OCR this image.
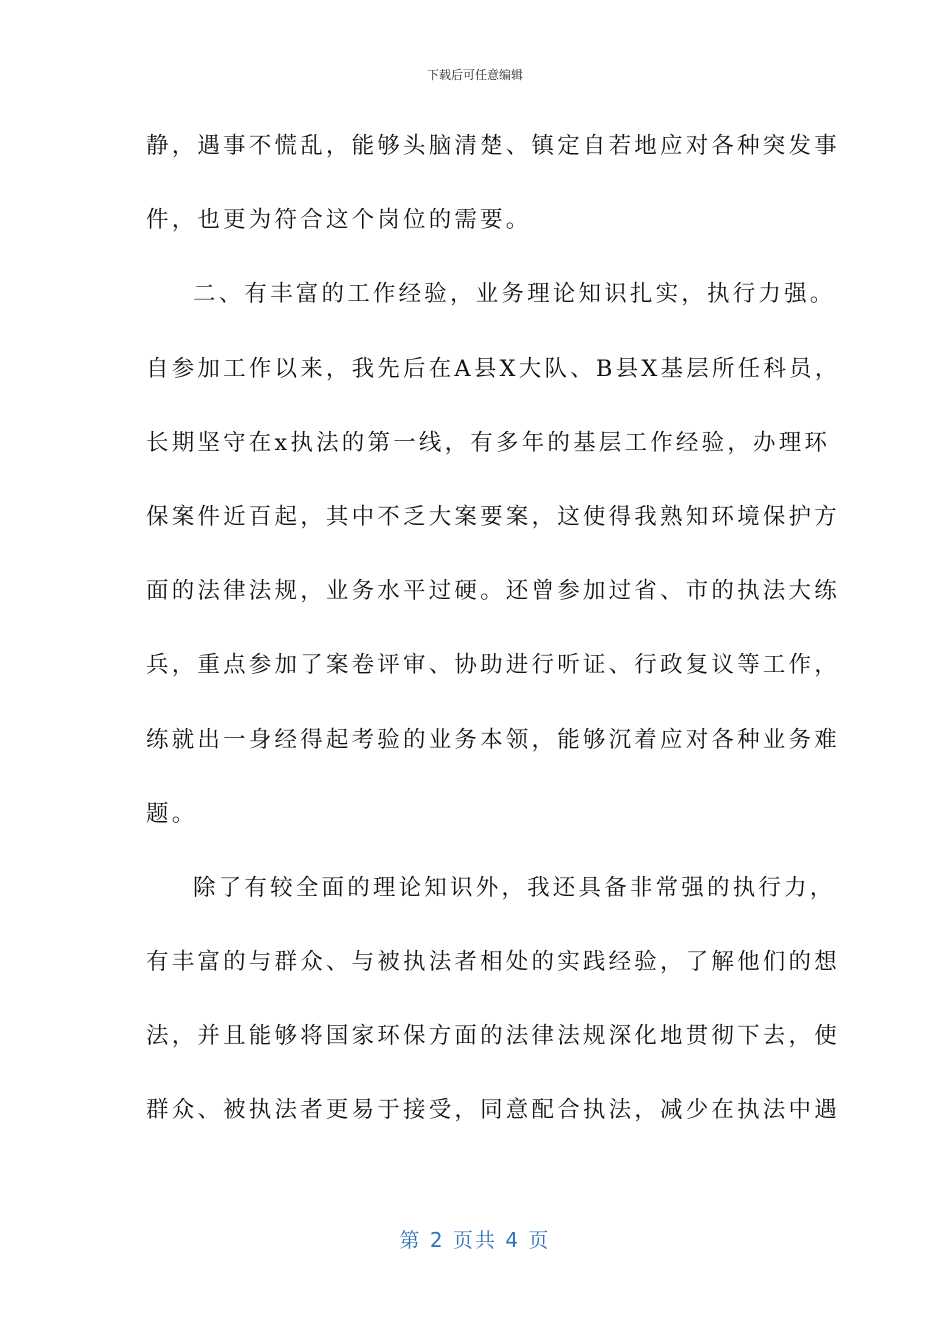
下载后可任意编辑
静，遇事不慌乱，能够头脑清楚、镇定自若地应对各种突发事
件，也更为符合这个岗位的需要。
二、有丰富的工作经验，业务理论知识扎实，执行力强。
自参加工作以来，我先后在A县X大队、B县X基层所任科员，
长期坚守在x执法的第一线，有多年的基层工作经验，办理环
保案件近百起，其中不乏大案要案，这使得我熟知环境保护方
面的法律法规，业务水平过硬。还曾参加过省、市的执法大练
兵，重点参加了案卷评审、协助进行听证、行政复议等工作，
练就出一身经得起考验的业务本领，能够沉着应对各种业务难
题。
除了有较全面的理论知识外，我还具备非常强的执行力，
有丰富的与群众、与被执法者相处的实践经验，了解他们的想
法，并且能够将国家环保方面的法律法规深化地贯彻下去，使
群众、被执法者更易于接受，同意配合执法，减少在执法中遇
第 2 页共 4 页
